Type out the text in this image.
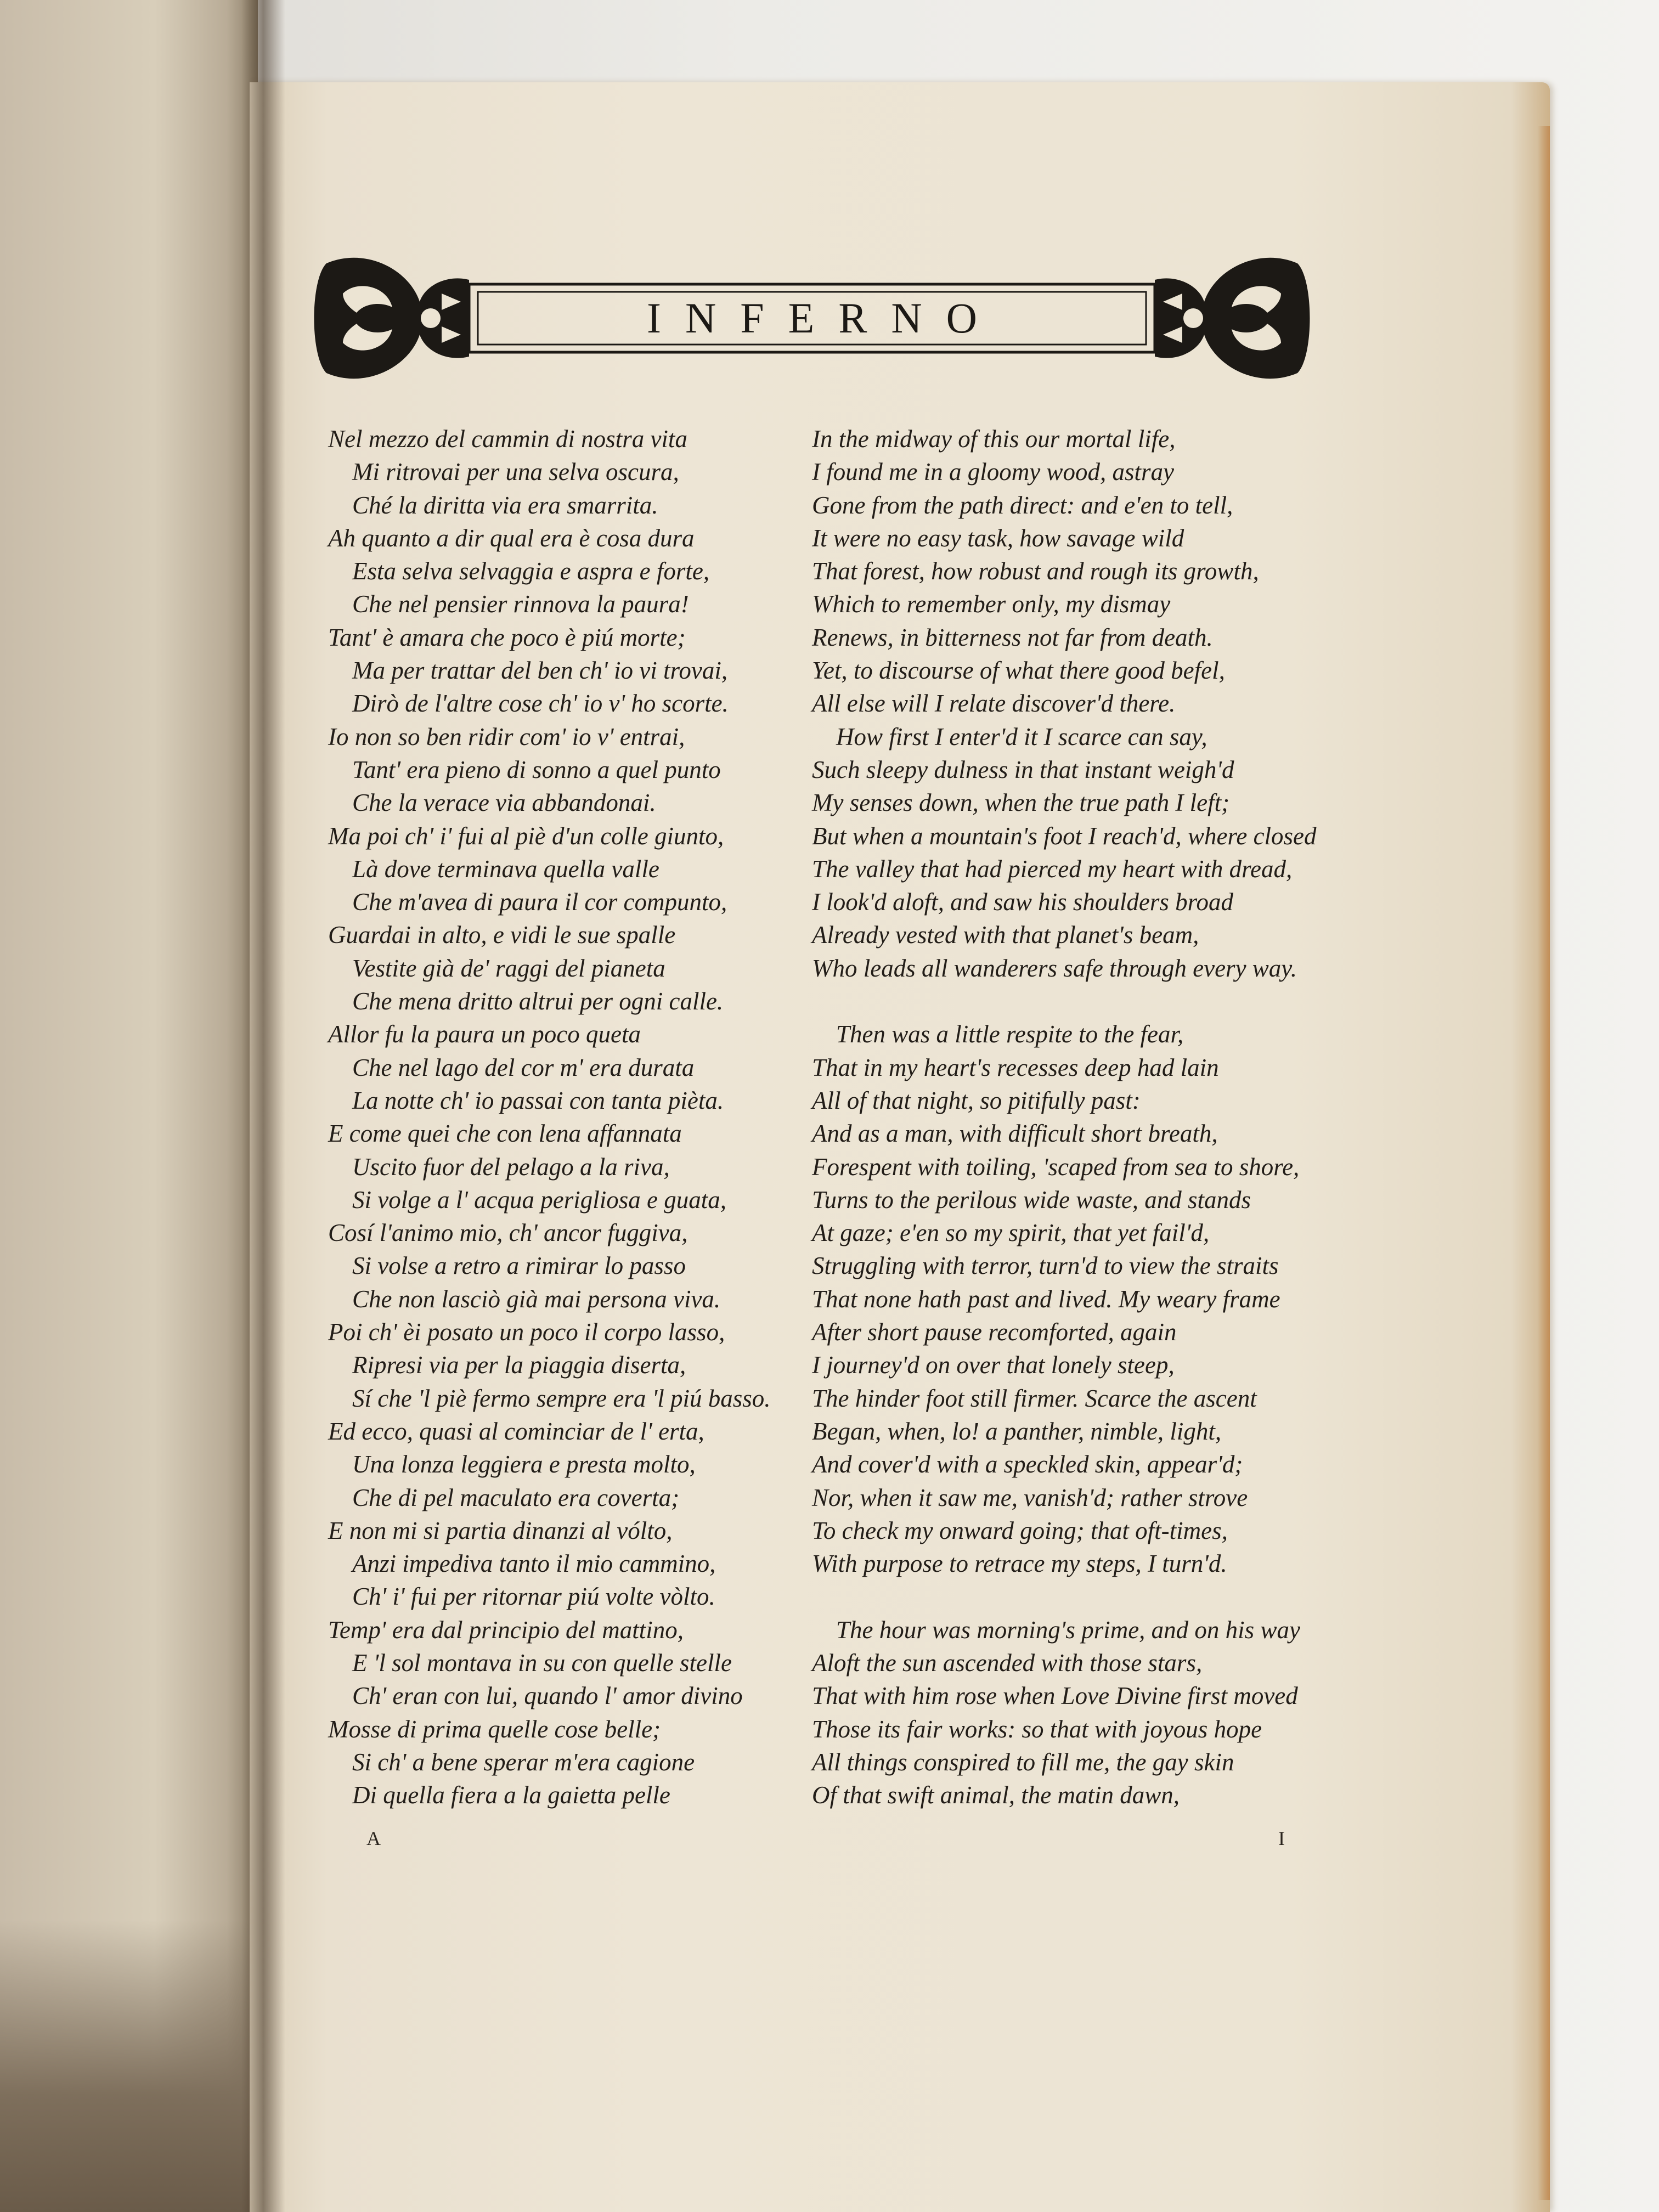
INFERNO
Nel mezzo del cammin di nostra vita
Mi ritrovai per una selva oscura,
Ché la diritta via era smarrita.
Ah quanto a dir qual era è cosa dura
Esta selva selvaggia e aspra e forte,
Che nel pensier rinnova la paura!
Tant' è amara che poco è piú morte;
Ma per trattar del ben ch' io vi trovai,
Dirò de l'altre cose ch' io v' ho scorte.
Io non so ben ridir com' io v' entrai,
Tant' era pieno di sonno a quel punto
Che la verace via abbandonai.
Ma poi ch' i' fui al piè d'un colle giunto,
Là dove terminava quella valle
Che m'avea di paura il cor compunto,
Guardai in alto, e vidi le sue spalle
Vestite già de' raggi del pianeta
Che mena dritto altrui per ogni calle.
Allor fu la paura un poco queta
Che nel lago del cor m' era durata
La notte ch' io passai con tanta pièta.
E come quei che con lena affannata
Uscito fuor del pelago a la riva,
Si volge a l' acqua perigliosa e guata,
Cosí l'animo mio, ch' ancor fuggiva,
Si volse a retro a rimirar lo passo
Che non lasciò già mai persona viva.
Poi ch' èi posato un poco il corpo lasso,
Ripresi via per la piaggia diserta,
Sí che 'l piè fermo sempre era 'l piú basso.
Ed ecco, quasi al cominciar de l' erta,
Una lonza leggiera e presta molto,
Che di pel maculato era coverta;
E non mi si partia dinanzi al vólto,
Anzi impediva tanto il mio cammino,
Ch' i' fui per ritornar piú volte vòlto.
Temp' era dal principio del mattino,
E 'l sol montava in su con quelle stelle
Ch' eran con lui, quando l' amor divino
Mosse di prima quelle cose belle;
Si ch' a bene sperar m'era cagione
Di quella fiera a la gaietta pelle
In the midway of this our mortal life,
I found me in a gloomy wood, astray
Gone from the path direct: and e'en to tell,
It were no easy task, how savage wild
That forest, how robust and rough its growth,
Which to remember only, my dismay
Renews, in bitterness not far from death.
Yet, to discourse of what there good befel,
All else will I relate discover'd there.
How first I enter'd it I scarce can say,
Such sleepy dulness in that instant weigh'd
My senses down, when the true path I left;
But when a mountain's foot I reach'd, where closed
The valley that had pierced my heart with dread,
I look'd aloft, and saw his shoulders broad
Already vested with that planet's beam,
Who leads all wanderers safe through every way.
Then was a little respite to the fear,
That in my heart's recesses deep had lain
All of that night, so pitifully past:
And as a man, with difficult short breath,
Forespent with toiling, 'scaped from sea to shore,
Turns to the perilous wide waste, and stands
At gaze; e'en so my spirit, that yet fail'd,
Struggling with terror, turn'd to view the straits
That none hath past and lived. My weary frame
After short pause recomforted, again
I journey'd on over that lonely steep,
The hinder foot still firmer. Scarce the ascent
Began, when, lo! a panther, nimble, light,
And cover'd with a speckled skin, appear'd;
Nor, when it saw me, vanish'd; rather strove
To check my onward going; that oft-times,
With purpose to retrace my steps, I turn'd.
The hour was morning's prime, and on his way
Aloft the sun ascended with those stars,
That with him rose when Love Divine first moved
Those its fair works: so that with joyous hope
All things conspired to fill me, the gay skin
Of that swift animal, the matin dawn,
A	I
